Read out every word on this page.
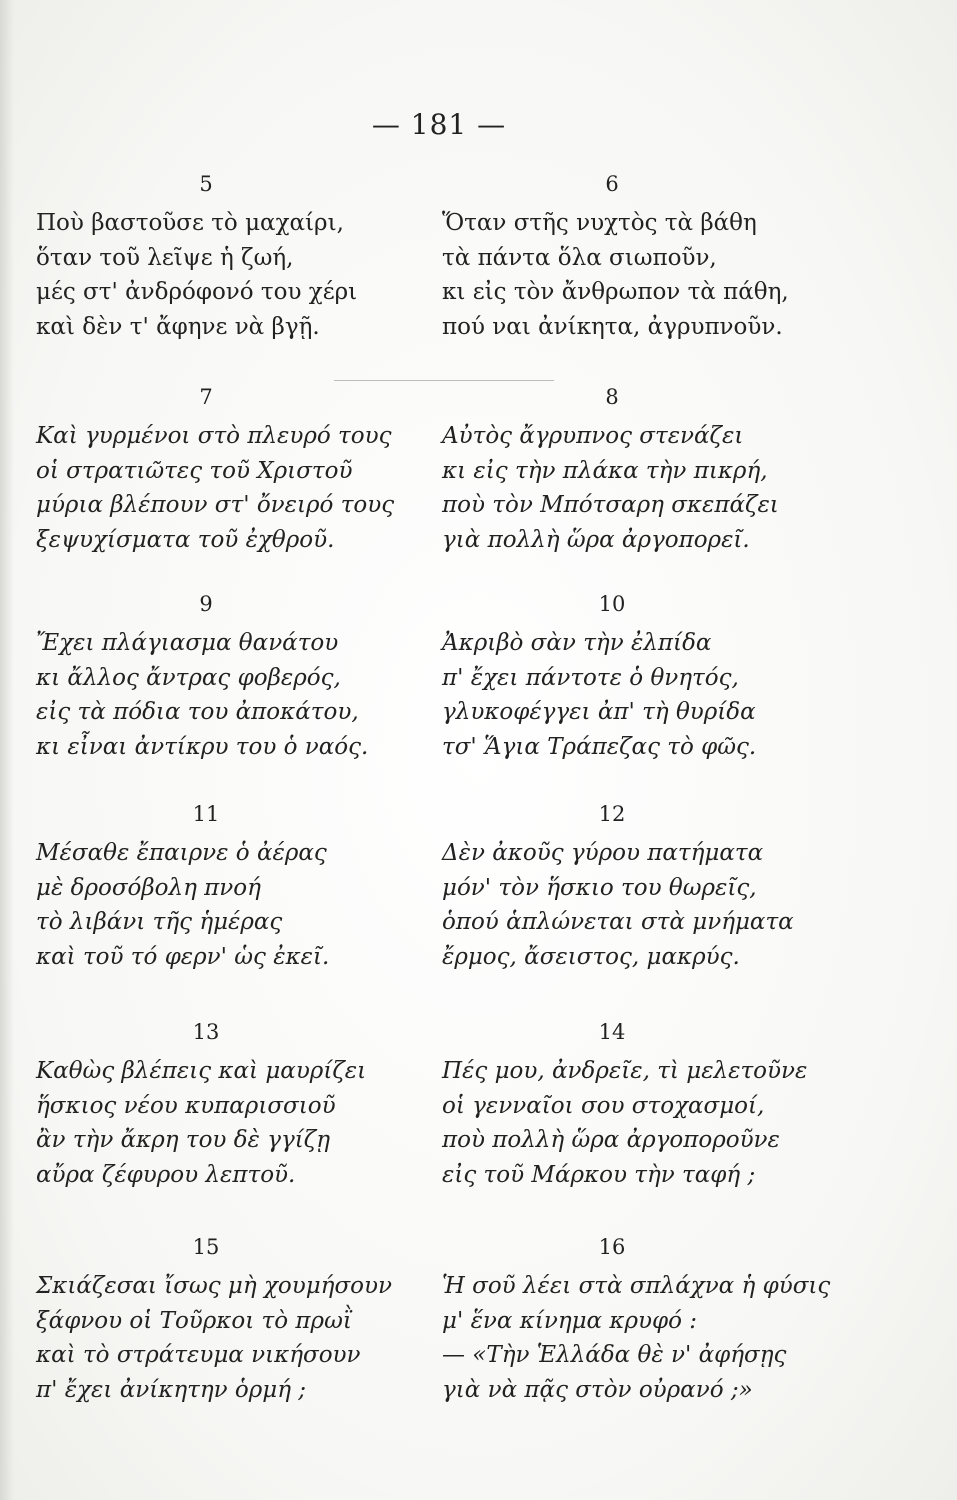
— 181 —
5
Ποὺ βαστοῦσε τὸ μαχαίρι,
ὅταν τοῦ λεῖψε ἡ ζωή,
μές στ' ἀνδρόφονό του χέρι
καὶ δὲν τ' ἄφηνε νὰ βγῇ.
6
Ὅταν στῆς νυχτὸς τὰ βάθη
τὰ πάντα ὅλα σιωποῦν,
κι εἰς τὸν ἄνθρωπον τὰ πάθη,
πού ναι ἀνίκητα, ἀγρυπνοῦν.
7
Καὶ γυρμένοι στὸ πλευρό τους
οἱ στρατιῶτες τοῦ Χριστοῦ
μύρια βλέπουν στ' ὄνειρό τους
ξεψυχίσματα τοῦ ἐχθροῦ.
8
Αὐτὸς ἄγρυπνος στενάζει
κι εἰς τὴν πλάκα τὴν πικρή,
ποὺ τὸν Μπότσαρη σκεπάζει
γιὰ πολλὴ ὥρα ἀργοπορεῖ.
9
Ἔχει πλάγιασμα θανάτου
κι ἄλλος ἄντρας φοβερός,
εἰς τὰ πόδια του ἀποκάτου,
κι εἶναι ἀντίκρυ του ὁ ναός.
10
Ἀκριβὸ σὰν τὴν ἐλπίδα
π' ἔχει πάντοτε ὁ θνητός,
γλυκοφέγγει ἀπ' τὴ θυρίδα
τσ' Ἅγια Τράπεζας τὸ φῶς.
11
Μέσαθε ἔπαιρνε ὁ ἀέρας
μὲ δροσόβολη πνοή
τὸ λιβάνι τῆς ἡμέρας
καὶ τοῦ τό φερν' ὡς ἐκεῖ.
12
Δὲν ἀκοῦς γύρου πατήματα
μόν' τὸν ἥσκιο του θωρεῖς,
ὁπού ἁπλώνεται στὰ μνήματα
ἔρμος, ἄσειστος, μακρύς.
13
Καθὼς βλέπεις καὶ μαυρίζει
ἥσκιος νέου κυπαρισσιοῦ
ἂν τὴν ἄκρη του δὲ γγίζῃ
αὔρα ζέφυρου λεπτοῦ.
14
Πές μου, ἀνδρεῖε, τὶ μελετοῦνε
οἱ γενναῖοι σου στοχασμοί,
ποὺ πολλὴ ὥρα ἀργοποροῦνε
εἰς τοῦ Μάρκου τὴν ταφή ;
15
Σκιάζεσαι ἴσως μὴ χουμήσουν
ξάφνου οἱ Τοῦρκοι τὸ πρωῒ
καὶ τὸ στράτευμα νικήσουν
π' ἔχει ἀνίκητην ὁρμή ;
16
Ἡ σοῦ λέει στὰ σπλάχνα ἡ φύσις
μ' ἕνα κίνημα κρυφό :
— «Τὴν Ἑλλάδα θὲ ν' ἀφήσῃς
γιὰ νὰ πᾷς στὸν οὐρανό ;»
